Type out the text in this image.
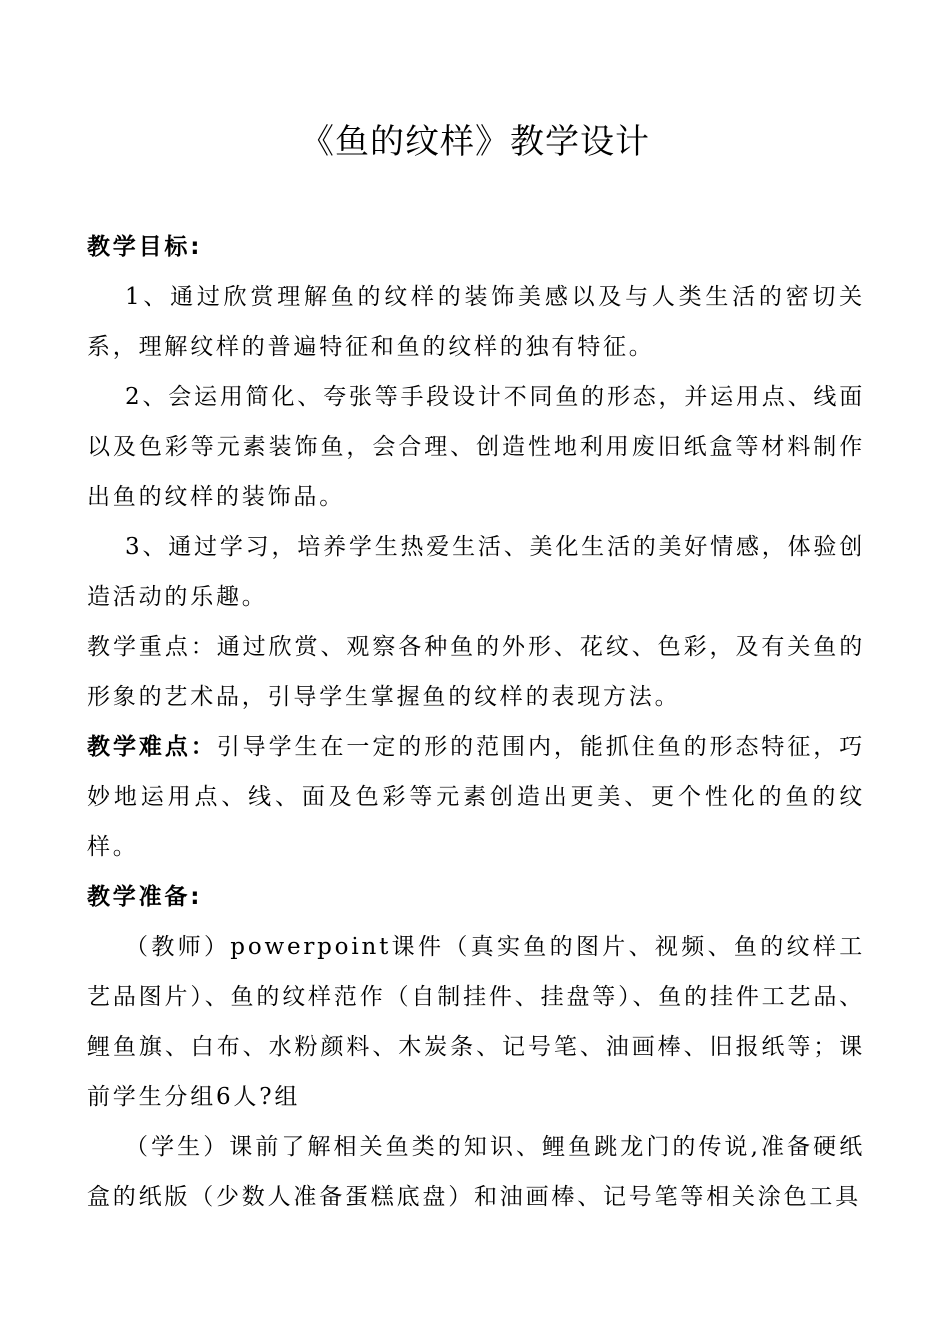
《鱼的纹样》教学设计

教学目标:

1、通过欣赏理解鱼的纹样的装饰美感以及与人类生活的密切关系，理解纹样的普遍特征和鱼的纹样的独有特征。

2、会运用简化、夸张等手段设计不同鱼的形态，并运用点、线面以及色彩等元素装饰鱼，会合理、创造性地利用废旧纸盒等材料制作出鱼的纹样的装饰品。

3、通过学习，培养学生热爱生活、美化生活的美好情感，体验创造活动的乐趣。

教学重点：通过欣赏、观察各种鱼的外形、花纹、色彩，及有关鱼的形象的艺术品，引导学生掌握鱼的纹样的表现方法。

教学难点：引导学生在一定的形的范围内，能抓住鱼的形态特征，巧妙地运用点、线、面及色彩等元素创造出更美、更个性化的鱼的纹样。

教学准备:

（教师）powerpoint课件（真实鱼的图片、视频、鱼的纹样工艺品图片）、鱼的纹样范作（自制挂件、挂盘等）、鱼的挂件工艺品、鲤鱼旗、白布、水粉颜料、木炭条、记号笔、油画棒、旧报纸等；课前学生分组6人?组

（学生）课前了解相关鱼类的知识、鲤鱼跳龙门的传说,准备硬纸盒的纸版（少数人准备蛋糕底盘）和油画棒、记号笔等相关涂色工具
